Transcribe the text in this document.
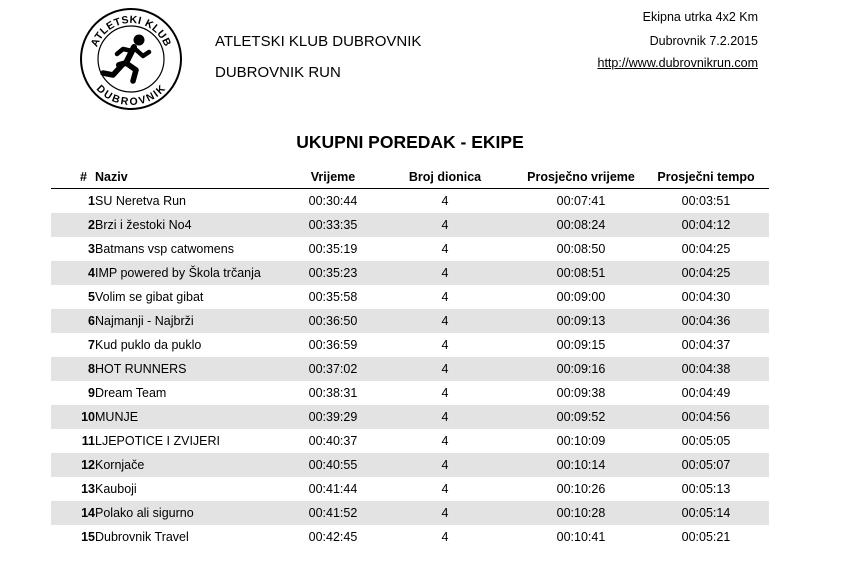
ATLETSKI KLUB
DUBROVNIK
ATLETSKI KLUB DUBROVNIK
DUBROVNIK RUN
Ekipna utrka 4x2 Km
Dubrovnik 7.2.2015
http://www.dubrovnikrun.com
UKUPNI POREDAK - EKIPE
#	Naziv	Vrijeme	Broj dionica	Prosječno vrijeme	Prosječni tempo
1	SU Neretva Run	00:30:44	4	00:07:41	00:03:51
2	Brzi i žestoki No4	00:33:35	4	00:08:24	00:04:12
3	Batmans vsp catwomens	00:35:19	4	00:08:50	00:04:25
4	IMP powered by Škola trčanja	00:35:23	4	00:08:51	00:04:25
5	Volim se gibat gibat	00:35:58	4	00:09:00	00:04:30
6	Najmanji - Najbrži	00:36:50	4	00:09:13	00:04:36
7	Kud puklo da puklo	00:36:59	4	00:09:15	00:04:37
8	HOT RUNNERS	00:37:02	4	00:09:16	00:04:38
9	Dream Team	00:38:31	4	00:09:38	00:04:49
10	MUNJE	00:39:29	4	00:09:52	00:04:56
11	LJEPOTICE I ZVIJERI	00:40:37	4	00:10:09	00:05:05
12	Kornjače	00:40:55	4	00:10:14	00:05:07
13	Kauboji	00:41:44	4	00:10:26	00:05:13
14	Polako ali sigurno	00:41:52	4	00:10:28	00:05:14
15	Dubrovnik Travel	00:42:45	4	00:10:41	00:05:21
